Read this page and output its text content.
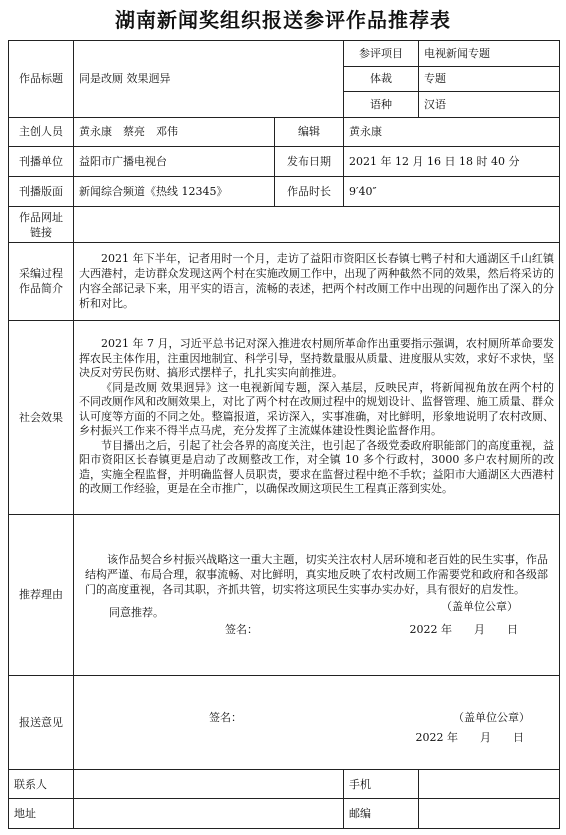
湖南新闻奖组织报送参评作品推荐表
作品标题	同是改厕 效果迥异		参评项目	电视新闻专题
			体裁	专题
			语种	汉语
主创人员	黄永康　蔡亮　邓伟	编辑	黄永康	
刊播单位	益阳市广播电视台	发布日期	2021 年 12 月 16 日 18 时 40 分	
刊播版面	新闻综合频道《热线 12345》	作品时长	9′40″	
作品网址链接				
采编过程作品简介	2021 年下半年，记者用时一个月，走访了益阳市资阳区长春镇七鸭子村和大通湖区千山红镇大西港村，走访群众发现这两个村在实施改厕工作中，出现了两种截然不同的效果，然后将采访的内容全部记录下来，用平实的语言，流畅的表述，把两个村改厕工作中出现的问题作出了深入的分析和对比。			

社会效果	2021 年 7 月，习近平总书记对深入推进农村厕所革命作出重要指示强调，农村厕所革命要发挥农民主体作用，注重因地制宜、科学引导，坚持数量服从质量、进度服从实效，求好不求快，坚决反对劳民伤财、搞形式摆样子，扎扎实实向前推进。

《同是改厕 效果迥异》这一电视新闻专题，深入基层，反映民声，将新闻视角放在两个村的不同改厕作风和改厕效果上，对比了两个村在改厕过程中的规划设计、监督管理、施工质量、群众认可度等方面的不同之处。整篇报道，采访深入，实事准确，对比鲜明，形象地说明了农村改厕、乡村振兴工作来不得半点马虎，充分发挥了主流媒体建设性舆论监督作用。

节目播出之后，引起了社会各界的高度关注，也引起了各级党委政府职能部门的高度重视，益阳市资阳区长春镇更是启动了改厕整改工作，对全镇 10 多个行政村，3000 多户农村厕所的改造，实施全程监督，并明确监督人员职责，要求在监督过程中绝不手软；益阳市大通湖区大西港村的改厕工作经验，更是在全市推广，以确保改厕这项民生工程真正落到实处。			

推荐理由	该作品契合乡村振兴战略这一重大主题，切实关注农村人居环境和老百姓的民生实事，作品结构严谨、布局合理，叙事流畅、对比鲜明，真实地反映了农村改厕工作需要党和政府和各级部门的高度重视，各司其职，齐抓共管，切实将这项民生实事办实办好，具有很好的启发性。

同意推荐。 （盖单位公章）
签名： 2022 年　　月　　日			

报送意见	签名： （盖单位公章）
2022 年　　月　　日			

联系人			手机	
地址			邮编	
